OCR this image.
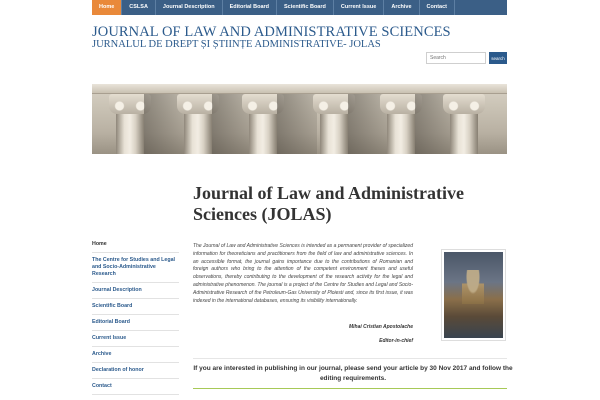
Home	CSLSA	Journal Description	Editorial Board	Scientific Board	Current Issue	Archive	Contact
JOURNAL OF LAW AND ADMINISTRATIVE SCIENCES
JURNALUL DE DREPT ȘI ȘTIINȚE ADMINISTRATIVE- JOLAS
Search
search
Journal of Law and Administrative Sciences (JOLAS)
Home
The Centre for Studies and Legal and Socio-Administrative Research
Journal Description
Scientific Board
Editorial Board
Current Issue
Archive
Declaration of honor
Contact

The Journal of Law and Administrative Sciences is intended as a permanent provider of specialized information for theoreticians and practitioners from the field of law and administrative sciences. In an accessible format, the journal gains importance due to the contributions of Romanian and foreign authors who bring to the attention of the competent environment theses and useful observations, thereby contributing to the development of the research activity for the legal and administrative phenomenon. The journal is a project of the Centre for Studies and Legal and Socio-Administrative Research of the Petroleum-Gas University of Ploiesti and, since its first issue, it was indexed in the international databases, ensuring its visibility internationally.

Mihai Cristian Apostolache
Editor-in-chief

If you are interested in publishing in our journal, please send your article by 30 Nov 2017 and follow the editing requirements.
